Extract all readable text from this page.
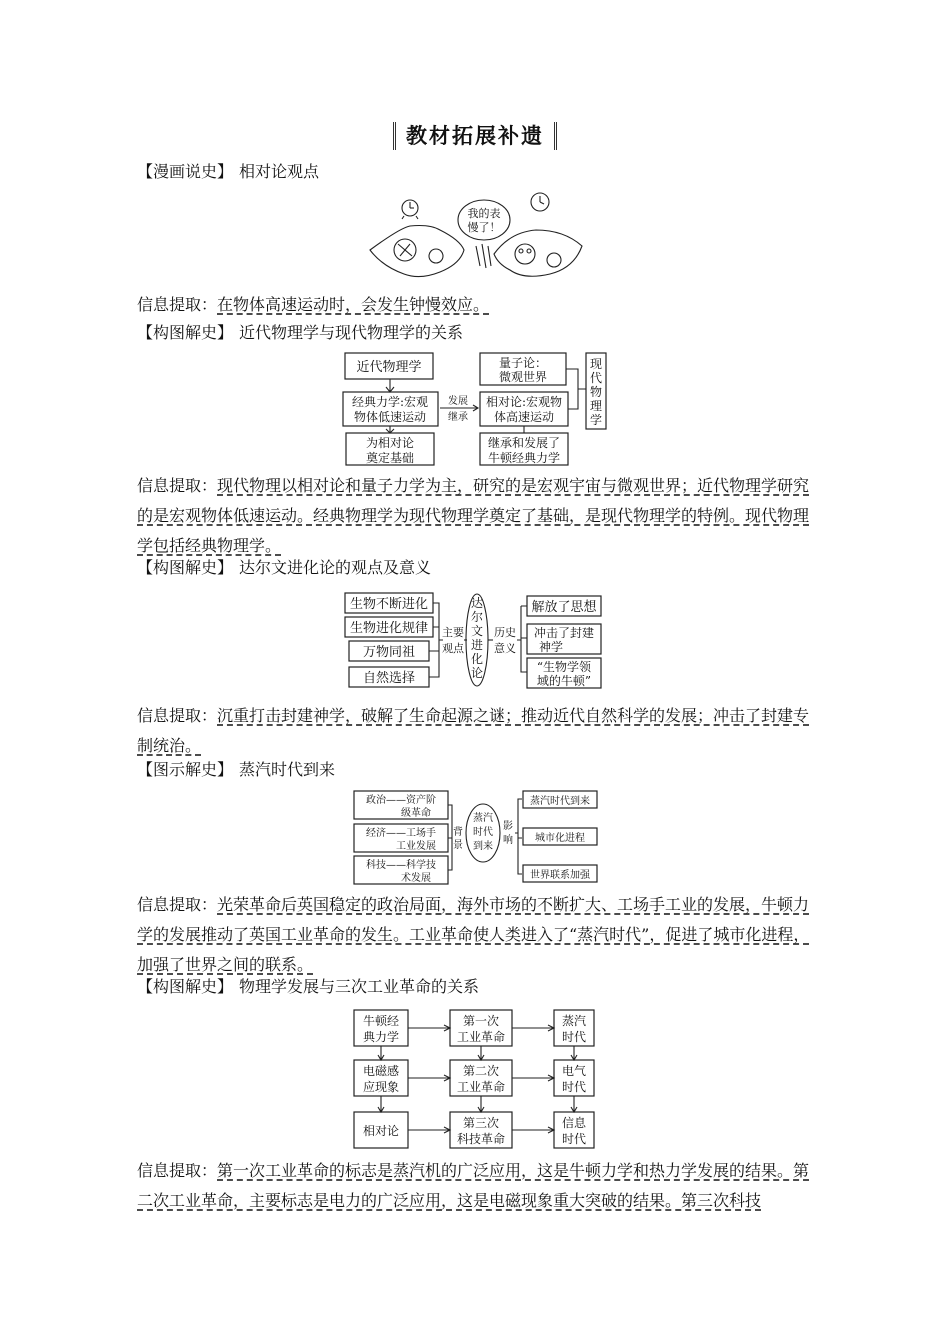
教材拓展补遗
【漫画说史】 相对论观点
我的表
慢了！
信息提取：在物体高速运动时，会发生钟慢效应。
【构图解史】 近代物理学与现代物理学的关系
近代物理学
经典力学:宏观
物体低速运动
为相对论
奠定基础
发展
继承
量子论：
微观世界
相对论:宏观物
体高速运动
继承和发展了
牛顿经典力学
现
代
物
理
学
信息提取：现代物理以相对论和量子力学为主，研究的是宏观宇宙与微观世界；近代物理学研究的是宏观物体低速运动。经典物理学为现代物理学奠定了基础，是现代物理学的特例。现代物理学包括经典物理学。
【构图解史】 达尔文进化论的观点及意义
生物不断进化
生物进化规律
万物同祖
自然选择
主要
观点
达
尔
文
进
化
论
历史
意义
解放了思想
冲击了封建
神学
“生物学领
域的牛顿”
信息提取：沉重打击封建神学，破解了生命起源之谜；推动近代自然科学的发展；冲击了封建专制统治。
【图示解史】 蒸汽时代到来
政治——资产阶
级革命
经济——工场手
工业发展
科技——科学技
术发展
背
景
蒸汽
时代
到来
影
响
蒸汽时代到来
城市化进程
世界联系加强
信息提取：光荣革命后英国稳定的政治局面，海外市场的不断扩大、工场手工业的发展，牛顿力学的发展推动了英国工业革命的发生。工业革命使人类进入了“蒸汽时代”，促进了城市化进程，加强了世界之间的联系。
【构图解史】 物理学发展与三次工业革命的关系
牛顿经
典力学
电磁感
应现象
相对论
第一次
工业革命
第二次
工业革命
第三次
科技革命
蒸汽
时代
电气
时代
信息
时代
信息提取：第一次工业革命的标志是蒸汽机的广泛应用，这是牛顿力学和热力学发展的结果。第二次工业革命，主要标志是电力的广泛应用，这是电磁现象重大突破的结果。第三次科技
